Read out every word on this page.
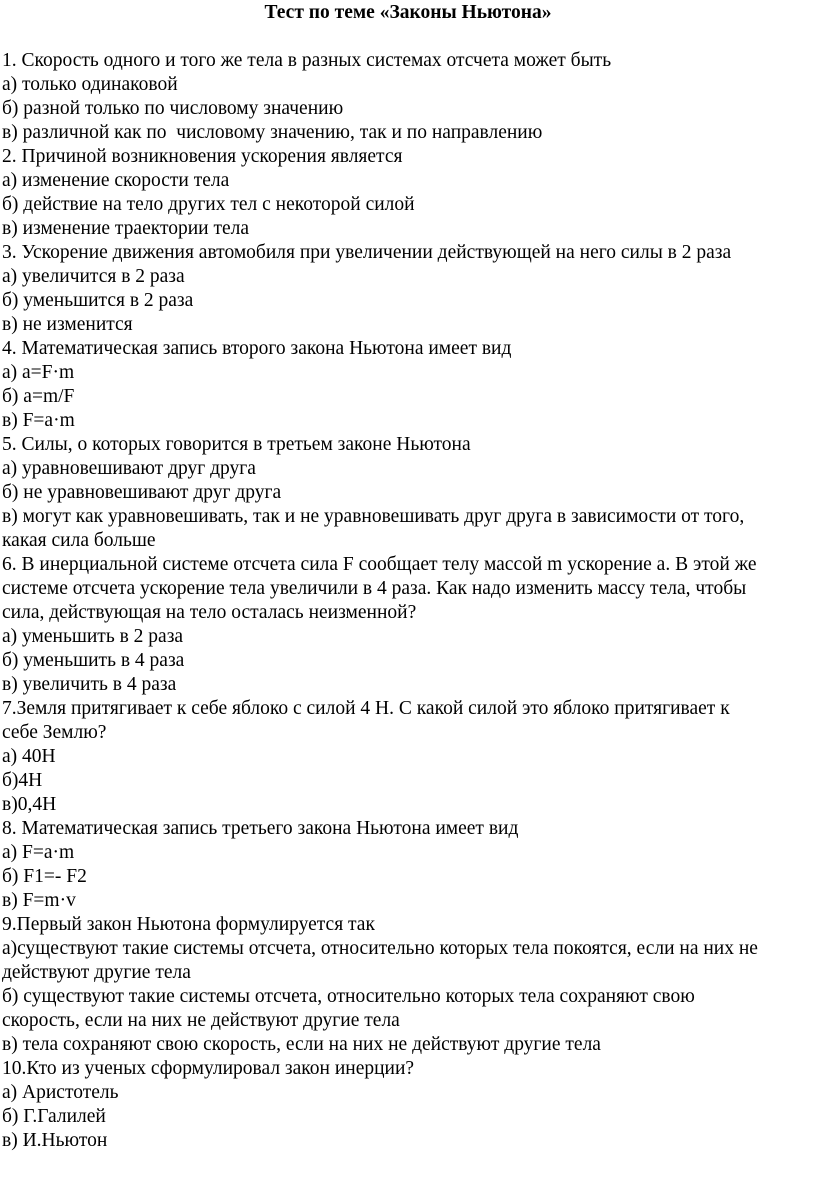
Тест по теме «Законы Ньютона»

1. Скорость одного и того же тела в разных системах отсчета может быть

а) только одинаковой

б) разной только по числовому значению

в) различной как по  числовому значению, так и по направлению

2. Причиной возникновения ускорения является

а) изменение скорости тела

б) действие на тело других тел с некоторой силой

в) изменение траектории тела

3. Ускорение движения автомобиля при увеличении действующей на него силы в 2 раза

а) увеличится в 2 раза

б) уменьшится в 2 раза

в) не изменится

4. Математическая запись второго закона Ньютона имеет вид

а) a=F·m

б) a=m/F

в) F=a·m

5. Силы, о которых говорится в третьем законе Ньютона

а) уравновешивают друг друга

б) не уравновешивают друг друга

в) могут как уравновешивать, так и не уравновешивать друг друга в зависимости от того,
какая сила больше

6. В инерциальной системе отсчета сила F сообщает телу массой m ускорение a. В этой же
системе отсчета ускорение тела увеличили в 4 раза. Как надо изменить массу тела, чтобы
сила, действующая на тело осталась неизменной?

а) уменьшить в 2 раза

б) уменьшить в 4 раза

в) увеличить в 4 раза

7.Земля притягивает к себе яблоко с силой 4 Н. С какой силой это яблоко притягивает к
себе Землю?

а) 40Н

б)4Н

в)0,4Н

8. Математическая запись третьего закона Ньютона имеет вид

а) F=a·m

б) F1=- F2

в) F=m·v

9.Первый закон Ньютона формулируется так

а)существуют такие системы отсчета, относительно которых тела покоятся, если на них не
действуют другие тела

б) существуют такие системы отсчета, относительно которых тела сохраняют свою
скорость, если на них не действуют другие тела

в) тела сохраняют свою скорость, если на них не действуют другие тела

10.Кто из ученых сформулировал закон инерции?

а) Аристотель

б) Г.Галилей

в) И.Ньютон
